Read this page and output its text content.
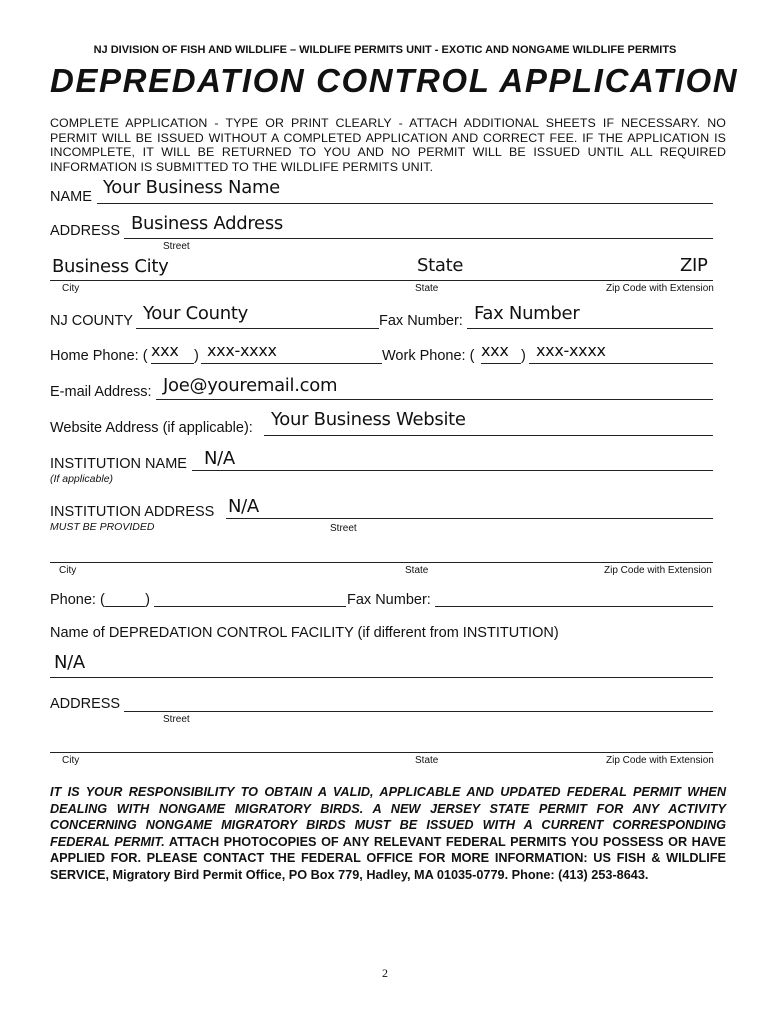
NJ DIVISION OF FISH AND WILDLIFE – WILDLIFE PERMITS UNIT - EXOTIC AND NONGAME WILDLIFE PERMITS
DEPREDATION CONTROL APPLICATION
COMPLETE APPLICATION - TYPE OR PRINT CLEARLY - ATTACH ADDITIONAL SHEETS IF NECESSARY. NO PERMIT WILL BE ISSUED WITHOUT A COMPLETED APPLICATION AND CORRECT FEE. IF THE APPLICATION IS INCOMPLETE, IT WILL BE RETURNED TO YOU AND NO PERMIT WILL BE ISSUED UNTIL ALL REQUIRED INFORMATION IS SUBMITTED TO THE WILDLIFE PERMITS UNIT.
NAME Your Business Name
ADDRESS Business Address
Street
Business City	State	ZIP
City	State	Zip Code with Extension
NJ COUNTY Your County	Fax Number: Fax Number
Home Phone: ( xxx ) xxx-xxxx	Work Phone: ( xxx ) xxx-xxxx
E-mail Address: Joe@youremail.com
Website Address (if applicable): Your Business Website
INSTITUTION NAME N/A
(If applicable)
INSTITUTION ADDRESS N/A
MUST BE PROVIDED	Street
City	State	Zip Code with Extension
Phone: (_____)	Fax Number:
Name of DEPREDATION CONTROL FACILITY (if different from INSTITUTION)
N/A
ADDRESS
Street
City	State	Zip Code with Extension
IT IS YOUR RESPONSIBILITY TO OBTAIN A VALID, APPLICABLE AND UPDATED FEDERAL PERMIT WHEN DEALING WITH NONGAME MIGRATORY BIRDS. A NEW JERSEY STATE PERMIT FOR ANY ACTIVITY CONCERNING NONGAME MIGRATORY BIRDS MUST BE ISSUED WITH A CURRENT CORRESPONDING FEDERAL PERMIT. ATTACH PHOTOCOPIES OF ANY RELEVANT FEDERAL PERMITS YOU POSSESS OR HAVE APPLIED FOR. PLEASE CONTACT THE FEDERAL OFFICE FOR MORE INFORMATION: US FISH & WILDLIFE SERVICE, Migratory Bird Permit Office, PO Box 779, Hadley, MA 01035-0779. Phone: (413) 253-8643.
2
